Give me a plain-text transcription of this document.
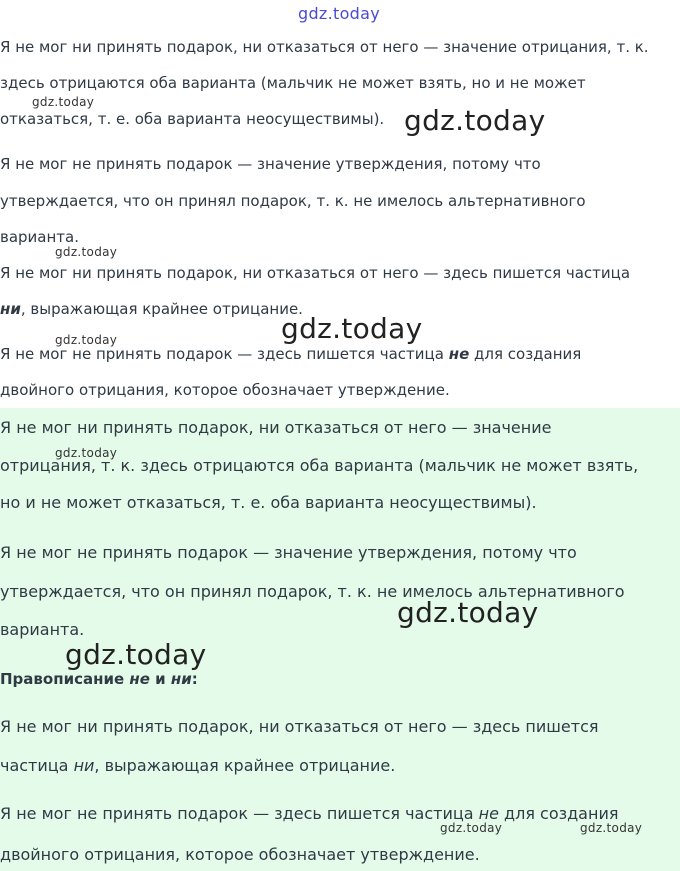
gdz.today
gdz.today
gdz.today
gdz.today
gdz.today
gdz.today
Я не мог ни принять подарок, ни отказаться от него — значение отрицания, т. к.
здесь отрицаются оба варианта (мальчик не может взять, но и не может
отказаться, т. е. оба варианта неосуществимы).
Я не мог не принять подарок — значение утверждения, потому что
утверждается, что он принял подарок, т. к. не имелось альтернативного
варианта.
Я не мог ни принять подарок, ни отказаться от него — здесь пишется частица
ни, выражающая крайнее отрицание.
Я не мог не принять подарок — здесь пишется частица не для создания
двойного отрицания, которое обозначает утверждение.
gdz.today
gdz.today
gdz.today
gdz.today	gdz.today
Я не мог ни принять подарок, ни отказаться от него — значение
отрицания, т. к. здесь отрицаются оба варианта (мальчик не может взять,
но и не может отказаться, т. е. оба варианта неосуществимы).
Я не мог не принять подарок — значение утверждения, потому что
утверждается, что он принял подарок, т. к. не имелось альтернативного
варианта.
Правописание не и ни:
Я не мог ни принять подарок, ни отказаться от него — здесь пишется
частица ни, выражающая крайнее отрицание.
Я не мог не принять подарок — здесь пишется частица не для создания
двойного отрицания, которое обозначает утверждение.
